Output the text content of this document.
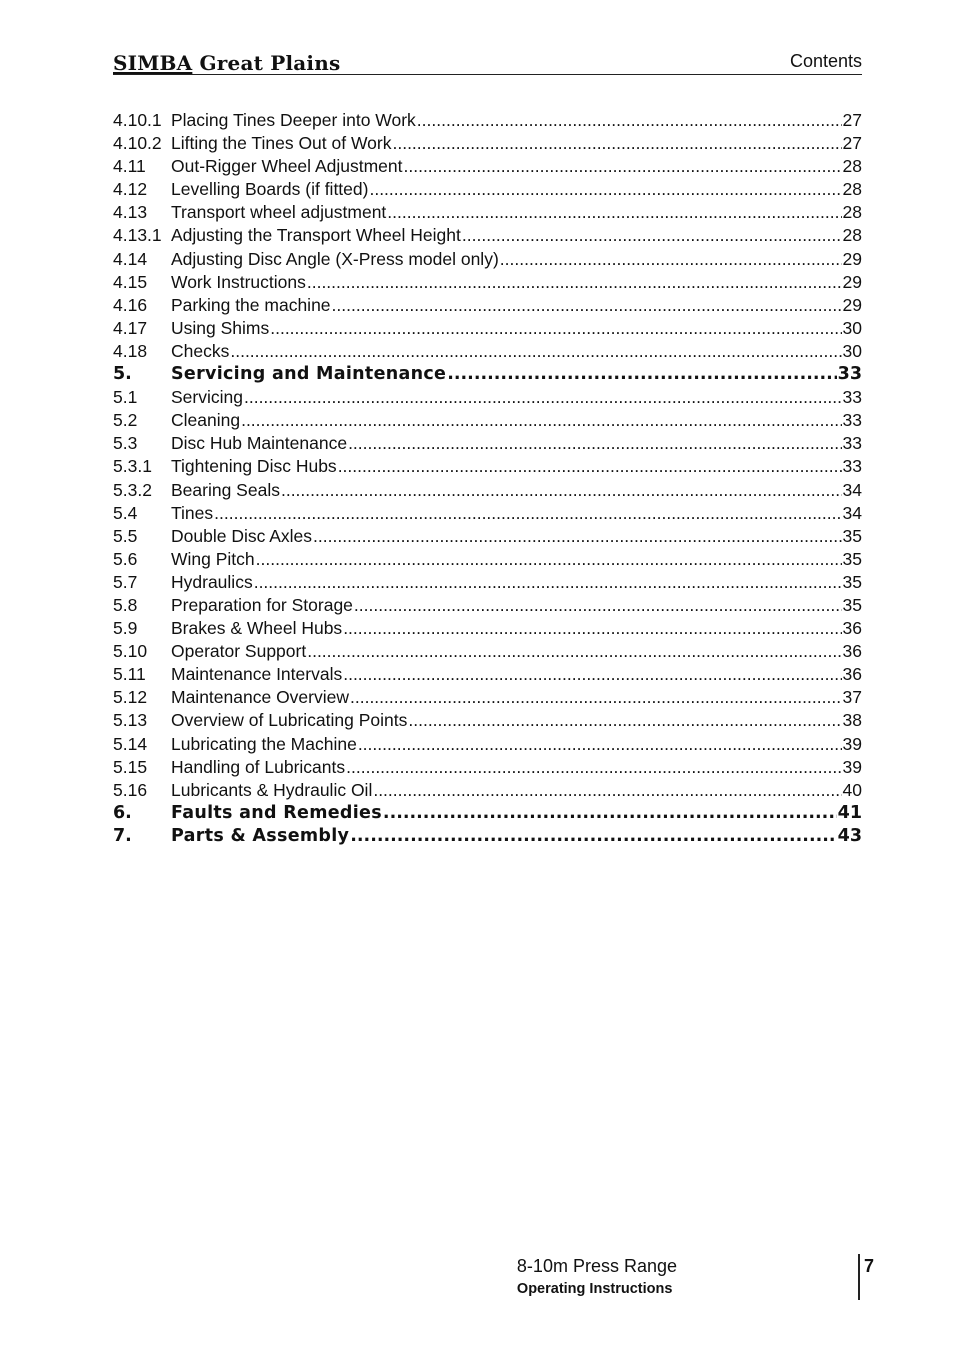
SIMBA Great Plains	Contents
4.10.1 Placing Tines Deeper into Work .....	27
4.10.2 Lifting the Tines Out of Work .....	27
4.11	Out-Rigger Wheel Adjustment .....	28
4.12	Levelling Boards (if fitted) .....	28
4.13	Transport wheel adjustment .....	28
4.13.1 Adjusting the Transport Wheel Height .....	28
4.14	Adjusting Disc Angle (X-Press model only) .....	29
4.15	Work Instructions .....	29
4.16	Parking the machine .....	29
4.17	Using Shims .....	30
4.18	Checks .....	30
5.	Servicing and Maintenance .....	33
5.1	Servicing .....	33
5.2	Cleaning .....	33
5.3	Disc Hub Maintenance .....	33
5.3.1	Tightening Disc Hubs .....	33
5.3.2	Bearing Seals .....	34
5.4	Tines .....	34
5.5	Double Disc Axles .....	35
5.6	Wing Pitch .....	35
5.7	Hydraulics .....	35
5.8	Preparation for Storage .....	35
5.9	Brakes & Wheel Hubs .....	36
5.10	Operator Support .....	36
5.11	Maintenance Intervals .....	36
5.12	Maintenance Overview .....	37
5.13	Overview of Lubricating Points .....	38
5.14	Lubricating the Machine .....	39
5.15	Handling of Lubricants .....	39
5.16	Lubricants & Hydraulic Oil .....	40
6.	Faults and Remedies .....	41
7.	Parts & Assembly .....	43
8-10m Press Range
Operating Instructions
7
